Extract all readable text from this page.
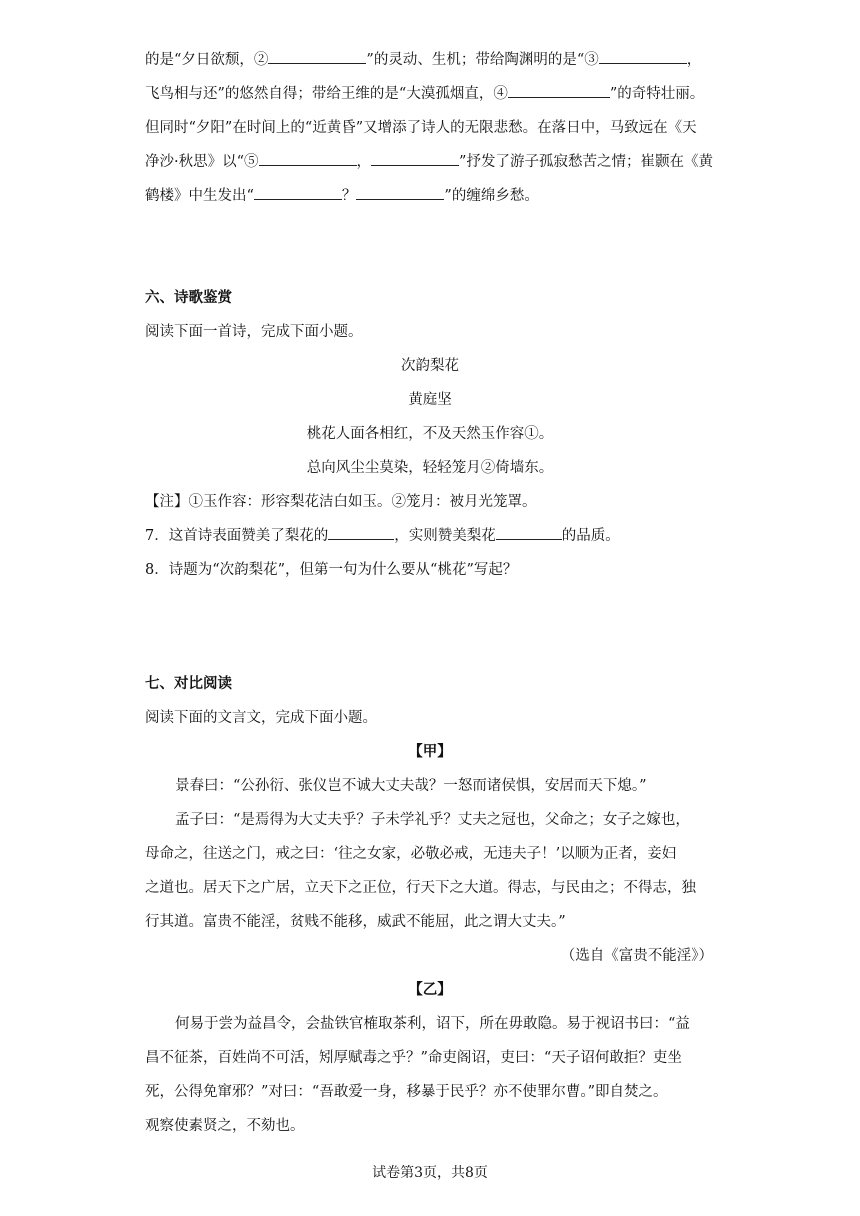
的是“夕日欲颓，②	”的灵动、生机；带给陶渊明的是“③	，
飞鸟相与还”的悠然自得；带给王维的是“大漠孤烟直，④	”的奇特壮丽。
但同时“夕阳”在时间上的“近黄昏”又增添了诗人的无限悲愁。在落日中，马致远在《天
净沙·秋思》以“⑤	，	”抒发了游子孤寂愁苦之情；崔颢在《黄
鹤楼》中生发出“	？	”的缠绵乡愁。
六、诗歌鉴赏
阅读下面一首诗，完成下面小题。
次韵梨花
黄庭坚
桃花人面各相红，不及天然玉作容①。
总向风尘尘莫染，轻轻笼月②倚墙东。
【注】①玉作容：形容梨花洁白如玉。②笼月：被月光笼罩。
7．这首诗表面赞美了梨花的	，实则赞美梨花	的品质。
8．诗题为“次韵梨花”，但第一句为什么要从“桃花”写起？
七、对比阅读
阅读下面的文言文，完成下面小题。
【甲】
景春曰：“公孙衍、张仪岂不诚大丈夫哉？一怒而诸侯惧，安居而天下熄。”
孟子曰：“是焉得为大丈夫乎？子未学礼乎？丈夫之冠也，父命之；女子之嫁也，
母命之，往送之门，戒之曰：‘往之女家，必敬必戒，无违夫子！’以顺为正者，妾妇
之道也。居天下之广居，立天下之正位，行天下之大道。得志，与民由之；不得志，独
行其道。富贵不能淫，贫贱不能移，威武不能屈，此之谓大丈夫。”
（选自《富贵不能淫》）
【乙】
何易于尝为益昌令，会盐铁官榷取茶利，诏下，所在毋敢隐。易于视诏书曰：“益
昌不征茶，百姓尚不可活，矧厚赋毒之乎？”命吏阁诏，吏曰：“天子诏何敢拒？吏坐
死，公得免窜邪？”对曰：“吾敢爱一身，移暴于民乎？亦不使罪尔曹。”即自焚之。
观察使素贤之，不劾也。
试卷第3页，共8页
